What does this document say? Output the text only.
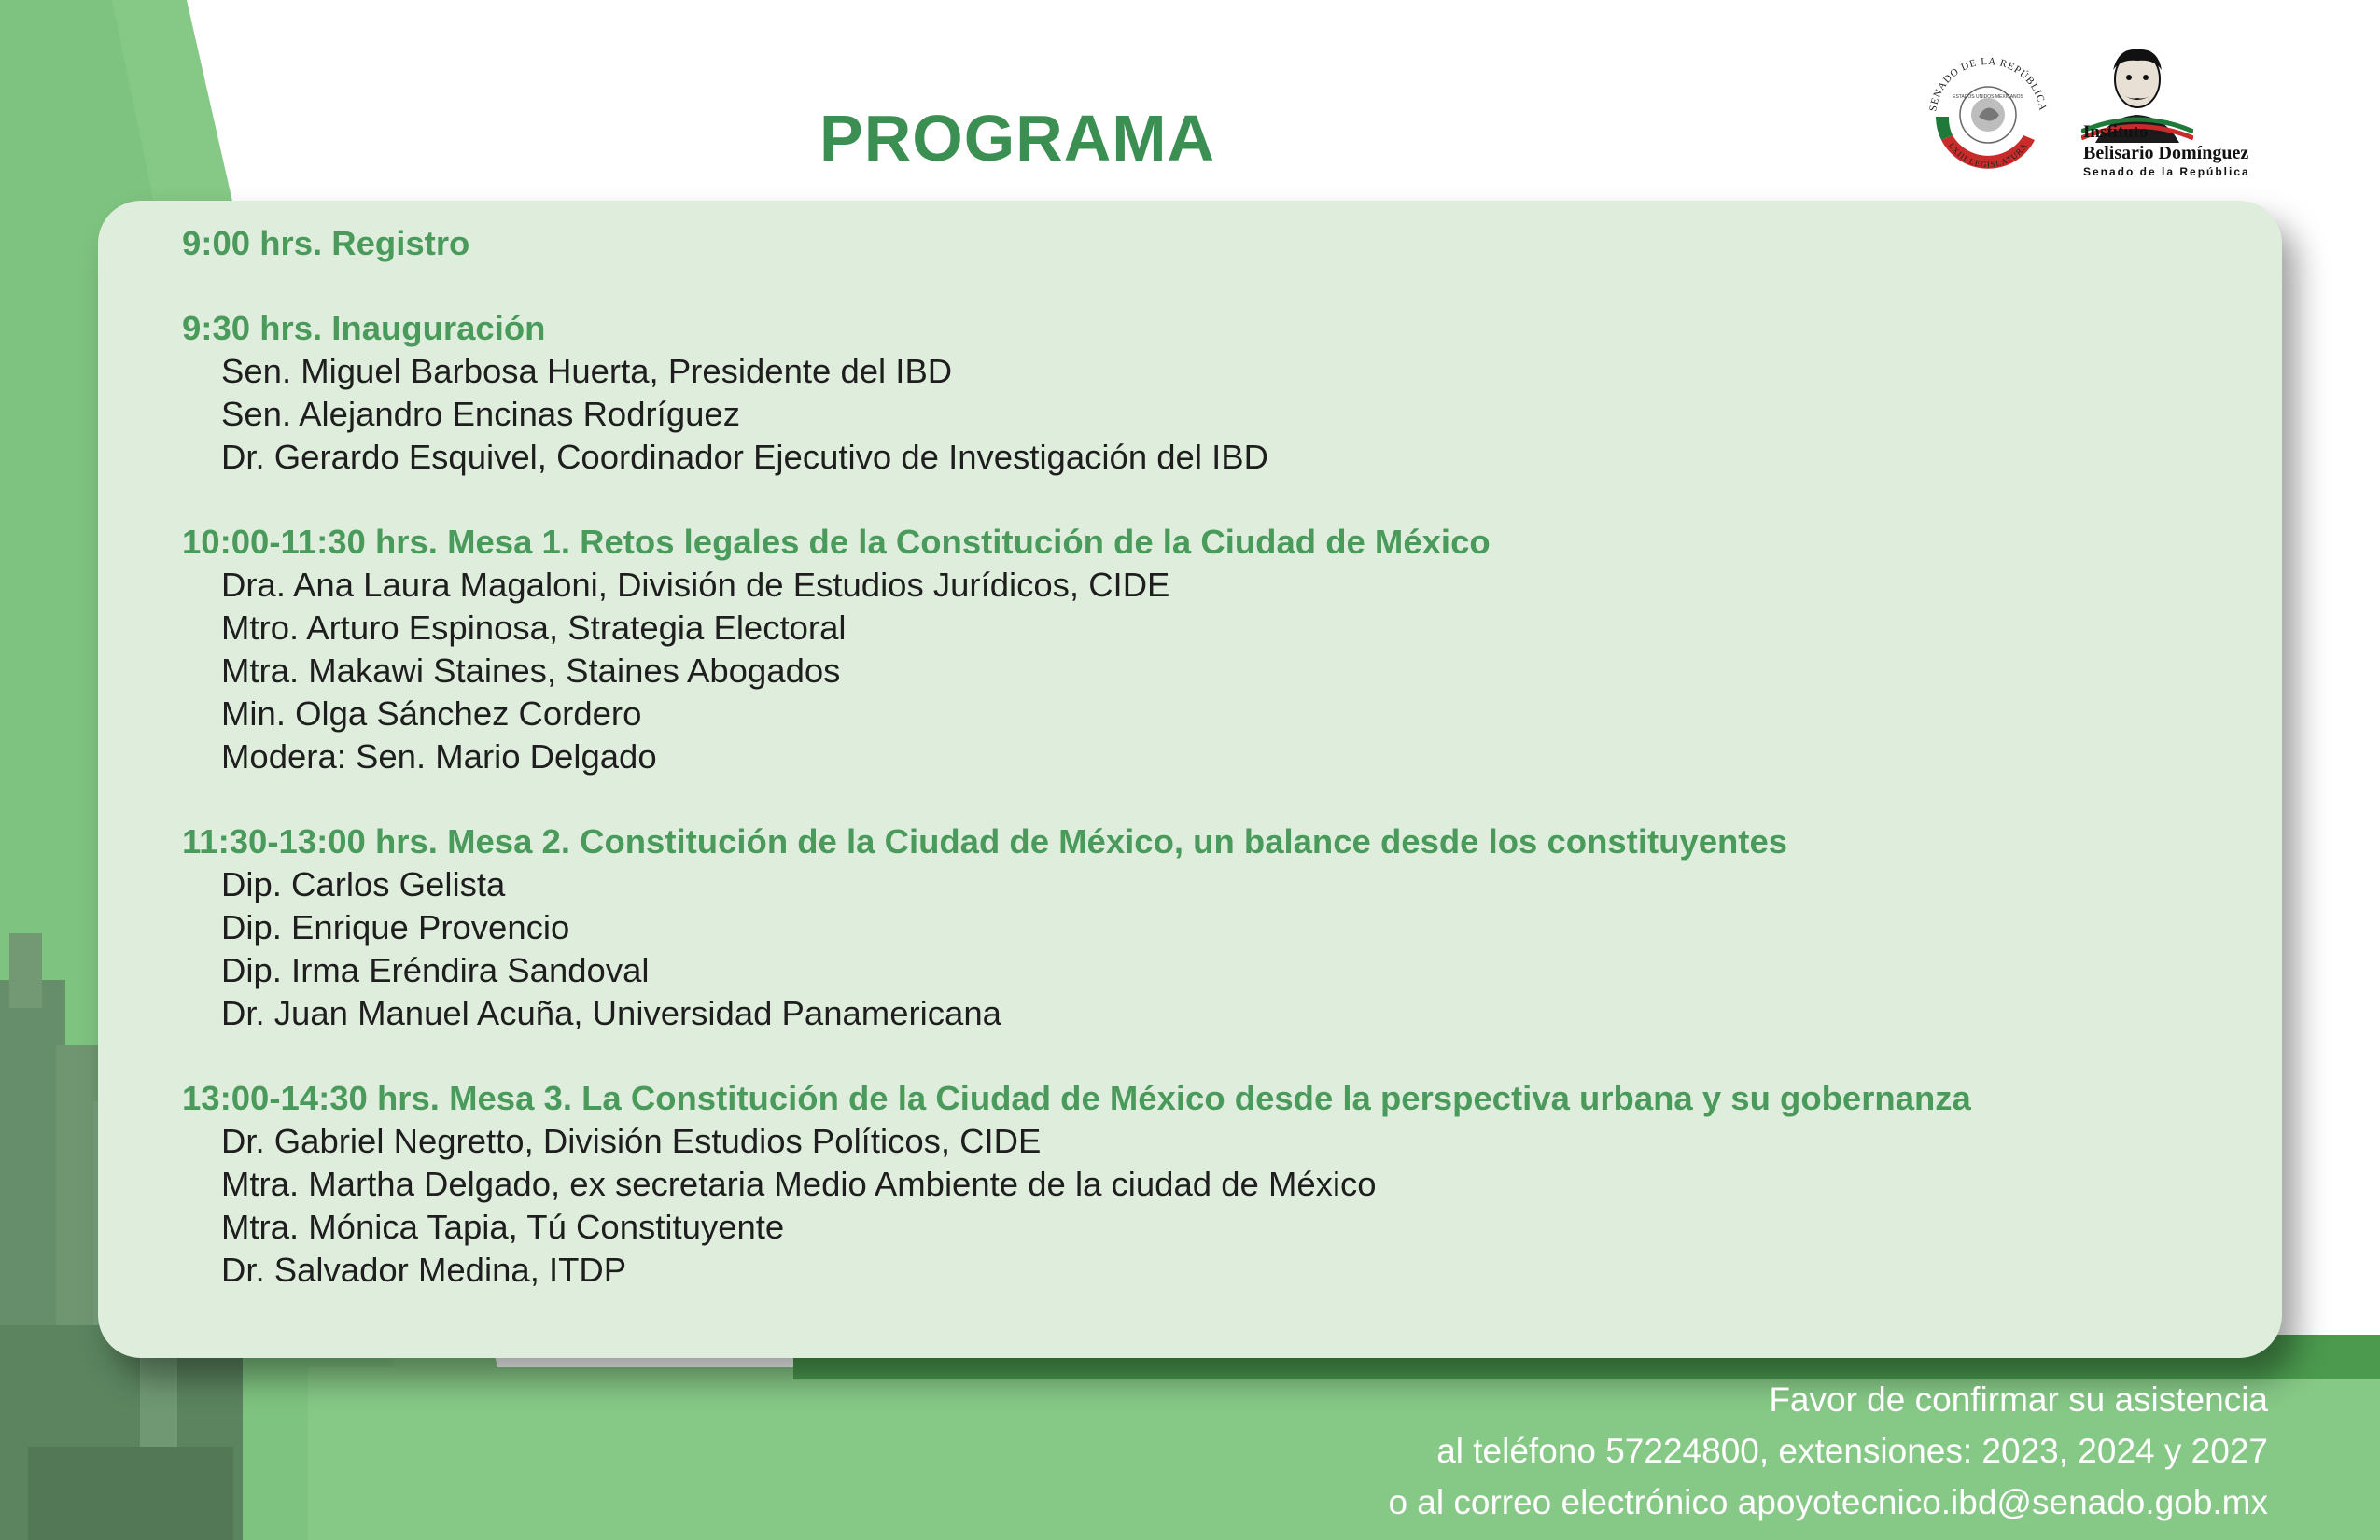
PROGRAMA	SENADO DE LA REPÚBLICA
ESTADOS UNIDOS MEXICANOS
LXIII LEGISLATURA
Instituto
Belisario Domínguez
Senado de la República
9:00 hrs. Registro
9:30 hrs. Inauguración
Sen. Miguel Barbosa Huerta, Presidente del IBD
Sen. Alejandro Encinas Rodríguez
Dr. Gerardo Esquivel, Coordinador Ejecutivo de Investigación del IBD
10:00-11:30 hrs. Mesa 1. Retos legales de la Constitución de la Ciudad de México
Dra. Ana Laura Magaloni, División de Estudios Jurídicos, CIDE
Mtro. Arturo Espinosa, Strategia Electoral
Mtra. Makawi Staines, Staines Abogados
Min. Olga Sánchez Cordero
Modera: Sen. Mario Delgado
11:30-13:00 hrs. Mesa 2. Constitución de la Ciudad de México, un balance desde los constituyentes
Dip. Carlos Gelista
Dip. Enrique Provencio
Dip. Irma Eréndira Sandoval
Dr. Juan Manuel Acuña, Universidad Panamericana
13:00-14:30 hrs. Mesa 3. La Constitución de la Ciudad de México desde la perspectiva urbana y su gobernanza
Dr. Gabriel Negretto, División Estudios Políticos, CIDE
Mtra. Martha Delgado, ex secretaria Medio Ambiente de la ciudad de México
Mtra. Mónica Tapia, Tú Constituyente
Dr. Salvador Medina, ITDP
Favor de confirmar su asistencia
al teléfono 57224800, extensiones: 2023, 2024 y 2027
o al correo electrónico apoyotecnico.ibd@senado.gob.mx
